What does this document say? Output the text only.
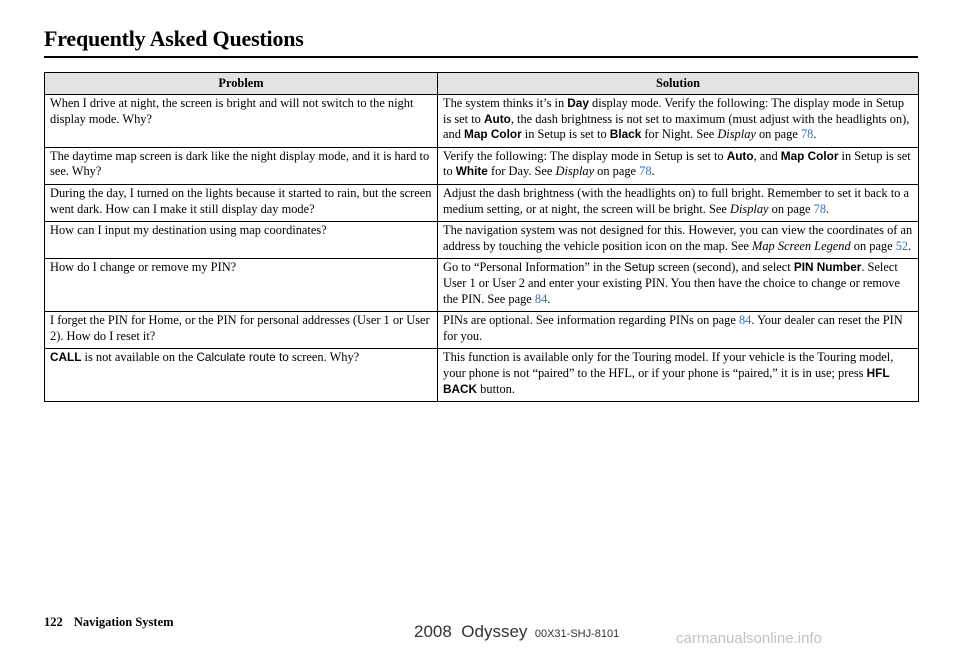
Frequently Asked Questions
Problem	Solution
When I drive at night, the screen is bright and will not switch to the night display mode. Why?	The system thinks it’s in Day display mode. Verify the following: The display mode in Setup is set to Auto, the dash brightness is not set to maximum (must adjust with the headlights on), and Map Color in Setup is set to Black for Night. See Display on page 78.
The daytime map screen is dark like the night display mode, and it is hard to see. Why?	Verify the following: The display mode in Setup is set to Auto, and Map Color in Setup is set to White for Day. See Display on page 78.
During the day, I turned on the lights because it started to rain, but the screen went dark. How can I make it still display day mode?	Adjust the dash brightness (with the headlights on) to full bright. Remember to set it back to a medium setting, or at night, the screen will be bright. See Display on page 78.
How can I input my destination using map coordinates?	The navigation system was not designed for this. However, you can view the coordinates of an address by touching the vehicle position icon on the map. See Map Screen Legend on page 52.
How do I change or remove my PIN?	Go to “Personal Information” in the Setup screen (second), and select PIN Number. Select User 1 or User 2 and enter your existing PIN. You then have the choice to change or remove the PIN. See page 84.
I forget the PIN for Home, or the PIN for personal addresses (User 1 or User 2). How do I reset it?	PINs are optional. See information regarding PINs on page 84. Your dealer can reset the PIN for you.
CALL is not available on the Calculate route to screen. Why?	This function is available only for the Touring model. If your vehicle is the Touring model, your phone is not “paired” to the HFL, or if your phone is “paired,” it is in use; press HFL BACK button.
122 Navigation System	2008  Odyssey 00X31-SHJ-8101	carmanualsonline.info
